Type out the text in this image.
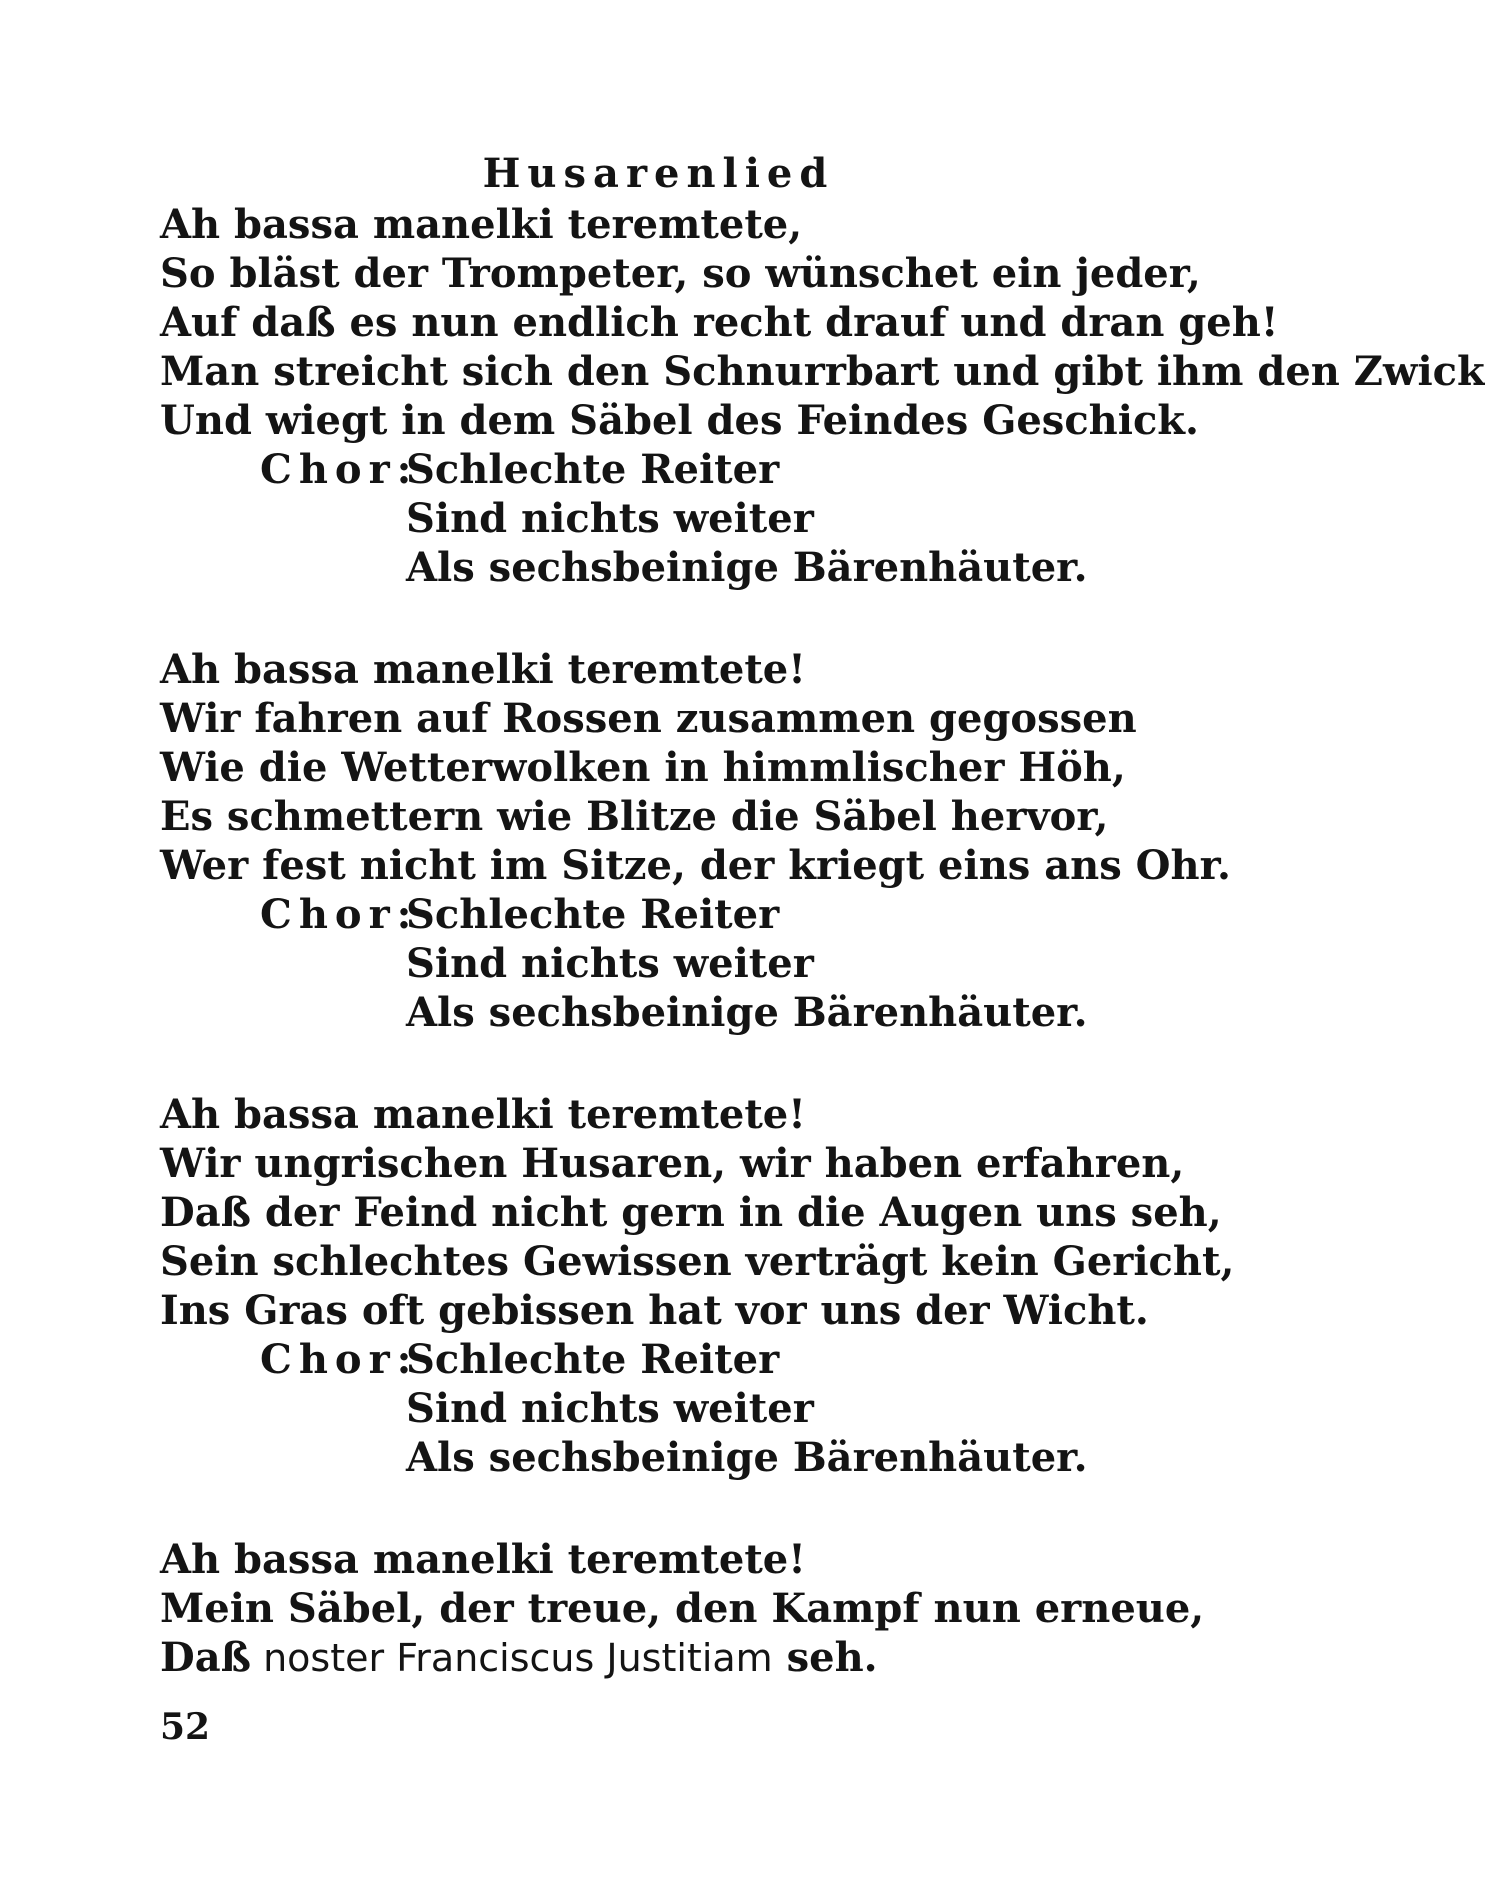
Husarenlied
Ah bassa manelki teremtete,
So bläst der Trompeter, so wünschet ein jeder,
Auf daß es nun endlich recht drauf und dran geh!
Man streicht sich den Schnurrbart und gibt ihm den Zwick
Und wiegt in dem Säbel des Feindes Geschick.
Chor:Schlechte Reiter
Sind nichts weiter
Als sechsbeinige Bärenhäuter.
Ah bassa manelki teremtete!
Wir fahren auf Rossen zusammen gegossen
Wie die Wetterwolken in himmlischer Höh,
Es schmettern wie Blitze die Säbel hervor,
Wer fest nicht im Sitze, der kriegt eins ans Ohr.
Chor:Schlechte Reiter
Sind nichts weiter
Als sechsbeinige Bärenhäuter.
Ah bassa manelki teremtete!
Wir ungrischen Husaren, wir haben erfahren,
Daß der Feind nicht gern in die Augen uns seh,
Sein schlechtes Gewissen verträgt kein Gericht,
Ins Gras oft gebissen hat vor uns der Wicht.
Chor:Schlechte Reiter
Sind nichts weiter
Als sechsbeinige Bärenhäuter.
Ah bassa manelki teremtete!
Mein Säbel, der treue, den Kampf nun erneue,
Daß noster Franciscus Justitiam seh.
52
